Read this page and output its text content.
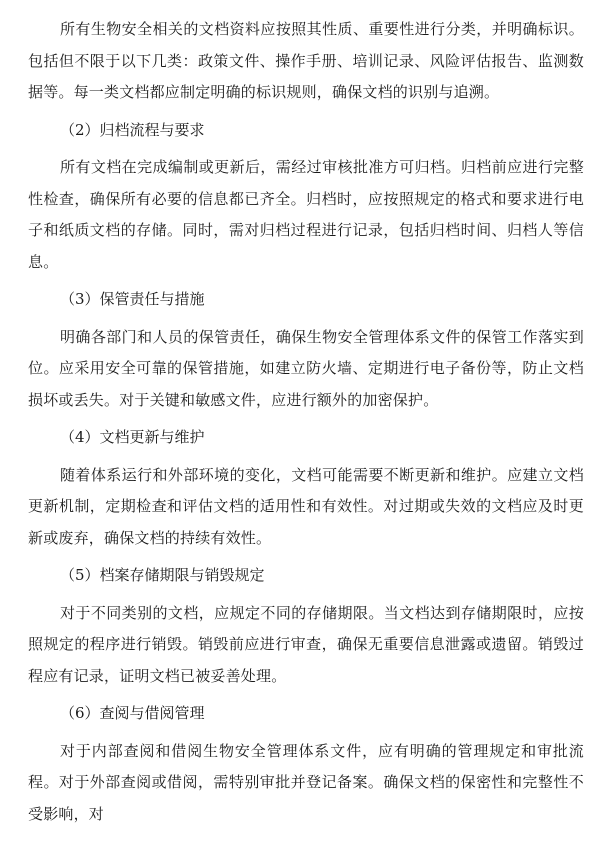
所有生物安全相关的文档资料应按照其性质、重要性进行分类，并明确标识。包括但不限于以下几类：政策文件、操作手册、培训记录、风险评估报告、监测数据等。每一类文档都应制定明确的标识规则，确保文档的识别与追溯。

（2）归档流程与要求

所有文档在完成编制或更新后，需经过审核批准方可归档。归档前应进行完整性检查，确保所有必要的信息都已齐全。归档时，应按照规定的格式和要求进行电子和纸质文档的存储。同时，需对归档过程进行记录，包括归档时间、归档人等信息。

（3）保管责任与措施

明确各部门和人员的保管责任，确保生物安全管理体系文件的保管工作落实到位。应采用安全可靠的保管措施，如建立防火墙、定期进行电子备份等，防止文档损坏或丢失。对于关键和敏感文件，应进行额外的加密保护。

（4）文档更新与维护

随着体系运行和外部环境的变化，文档可能需要不断更新和维护。应建立文档更新机制，定期检查和评估文档的适用性和有效性。对过期或失效的文档应及时更新或废弃，确保文档的持续有效性。

（5）档案存储期限与销毁规定

对于不同类别的文档，应规定不同的存储期限。当文档达到存储期限时，应按照规定的程序进行销毁。销毁前应进行审查，确保无重要信息泄露或遗留。销毁过程应有记录，证明文档已被妥善处理。

（6）查阅与借阅管理

对于内部查阅和借阅生物安全管理体系文件，应有明确的管理规定和审批流程。对于外部查阅或借阅，需特别审批并登记备案。确保文档的保密性和完整性不受影响，对
